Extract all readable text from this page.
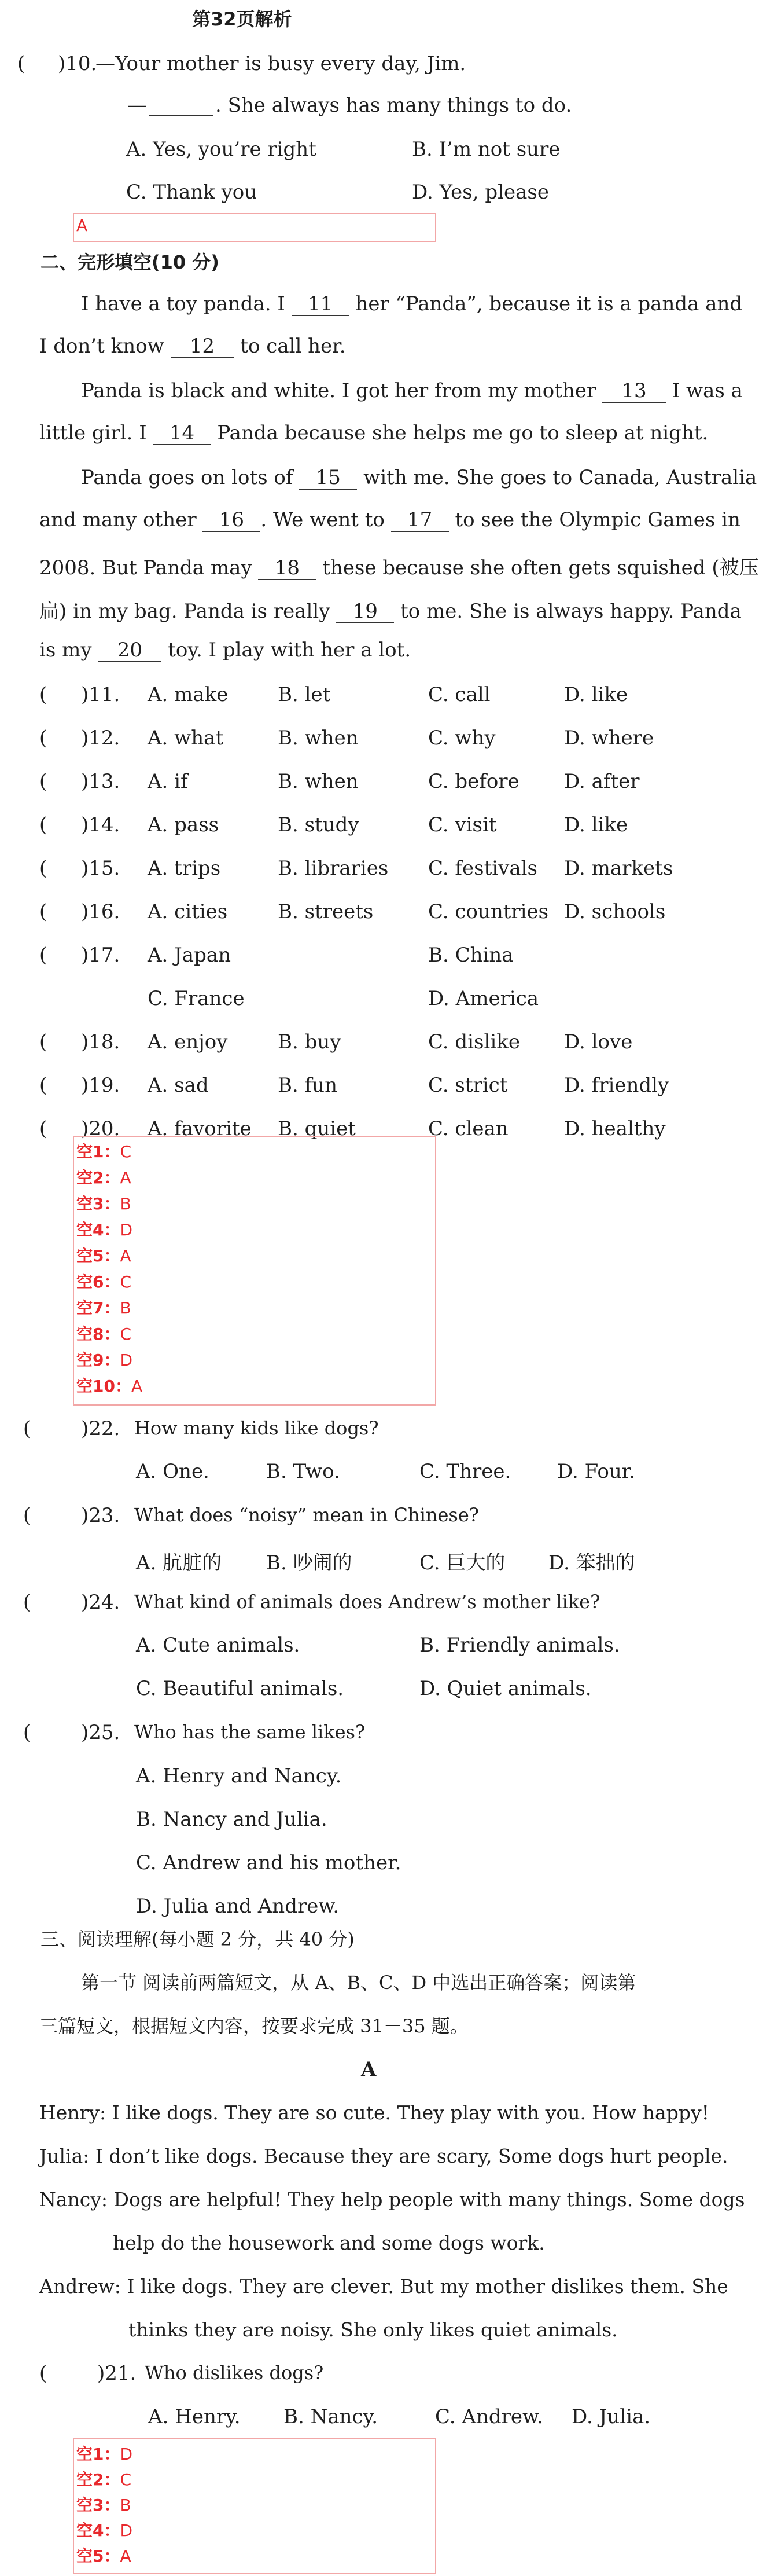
第32页解析
( )10.
—Your mother is busy every day, Jim.
—	. She always has many things to do.
A. Yes, you’re right	B. I’m not sure
C. Thank you	D. Yes, please
A
二、完形填空(10 分)
I have a toy panda. I 11 her “Panda”, because it is a panda and
I don’t know 12 to call her.
Panda is black and white. I got her from my mother 13 I was a
little girl. I 14 Panda because she helps me go to sleep at night.
Panda goes on lots of 15 with me. She goes to Canada, Australia
and many other 16 . We went to 17 to see the Olympic Games in
2008. But Panda may 18 these because she often gets squished (被压
扁) in my bag. Panda is really 19 to me. She is always happy. Panda
is my 20 toy. I play with her a lot.
( )11. A. make	B. let	C. call	D. like
( )12. A. what	B. when	C. why	D. where
( )13. A. if	B. when	C. before D. after
( )14. A. pass	B. study	C. visit	D. like
( )15. A. trips	B. libraries C. festivals D. markets
( )16. A. cities	B. streets	C. countries D. schools
( )17. A. Japan	B. China
C. France	D. America
( )18. A. enjoy	B. buy	C. dislike D. love
( )19. A. sad	B. fun	C. strict	D. friendly
( )20. A. favorite B. quiet	C. clean	D. healthy
空1：C
空2：A
空3：B
空4：D
空5：A
空6：C
空7：B
空8：C
空9：D
空10：A
(	)22. How many kids like dogs?
A. One.	B. Two.	C. Three. D. Four.
(	)23. What does “noisy” mean in Chinese?
A. 肮脏的 B. 吵闹的	C. 巨大的 D. 笨拙的
(	)24. What kind of animals does Andrew’s mother like?
A. Cute animals.	B. Friendly animals.
C. Beautiful animals.	D. Quiet animals.
(	)25. Who has the same likes?
A. Henry and Nancy.
B. Nancy and Julia.
C. Andrew and his mother.
D. Julia and Andrew.
三、阅读理解(每小题 2 分，共 40 分)
第一节 阅读前两篇短文，从 A、B、C、D 中选出正确答案；阅读第
三篇短文，根据短文内容，按要求完成 31－35 题。
A
Henry: I like dogs. They are so cute. They play with you. How happy!
Julia: I don’t like dogs. Because they are scary, Some dogs hurt people.
Nancy: Dogs are helpful! They help people with many things. Some dogs
help do the housework and some dogs work.
Andrew: I like dogs. They are clever. But my mother dislikes them. She
thinks they are noisy. She only likes quiet animals.
(	)21. Who dislikes dogs?
A. Henry. B. Nancy.	C. Andrew. D. Julia.
空1：D
空2：C
空3：B
空4：D
空5：A
